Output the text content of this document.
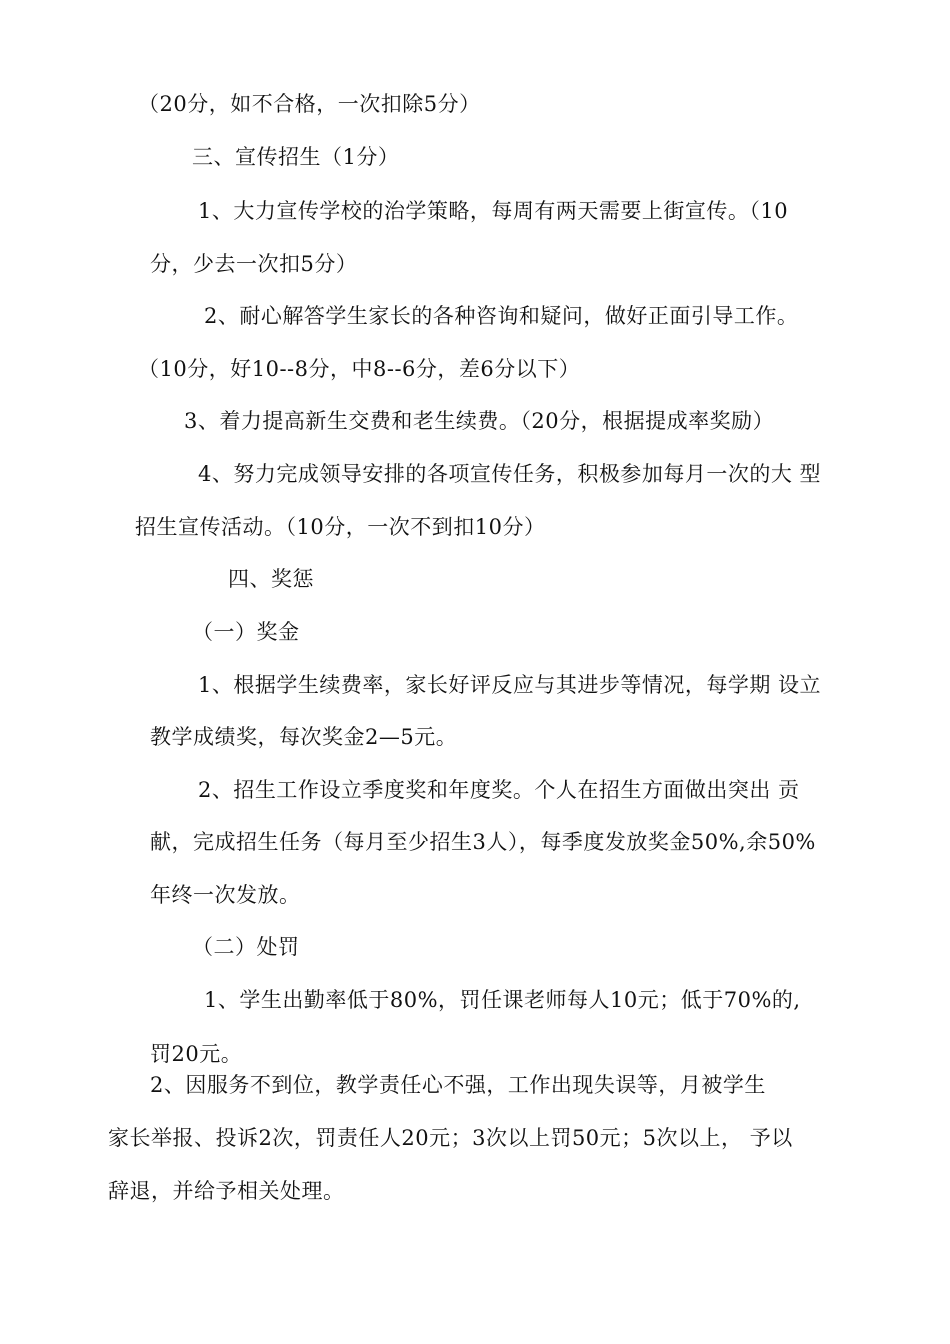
（20分，如不合格，一次扣除5分）
三、宣传招生（1分）
1、大力宣传学校的治学策略，每周有两天需要上街宣传。（10
分，少去一次扣5分）
2、耐心解答学生家长的各种咨询和疑问，做好正面引导工作。
（10分，好10--8分，中8--6分，差6分以下）
3、着力提高新生交费和老生续费。（20分，根据提成率奖励）
4、努力完成领导安排的各项宣传任务，积极参加每月一次的大 型
招生宣传活动。（10分，一次不到扣10分）
四、奖惩
（一）奖金
1、根据学生续费率，家长好评反应与其进步等情况，每学期 设立
教学成绩奖，每次奖金2—5元。
2、招生工作设立季度奖和年度奖。个人在招生方面做出突出 贡
献，完成招生任务（每月至少招生3人），每季度发放奖金50%,余50%
年终一次发放。
（二）处罚
1、学生出勤率低于80%，罚任课老师每人10元；低于70%的,
罚20元。
2、因服务不到位，教学责任心不强，工作出现失误等，月被学生
家长举报、投诉2次，罚责任人20元；3次以上罚50元；5次以上， 予以
辞退，并给予相关处理。
